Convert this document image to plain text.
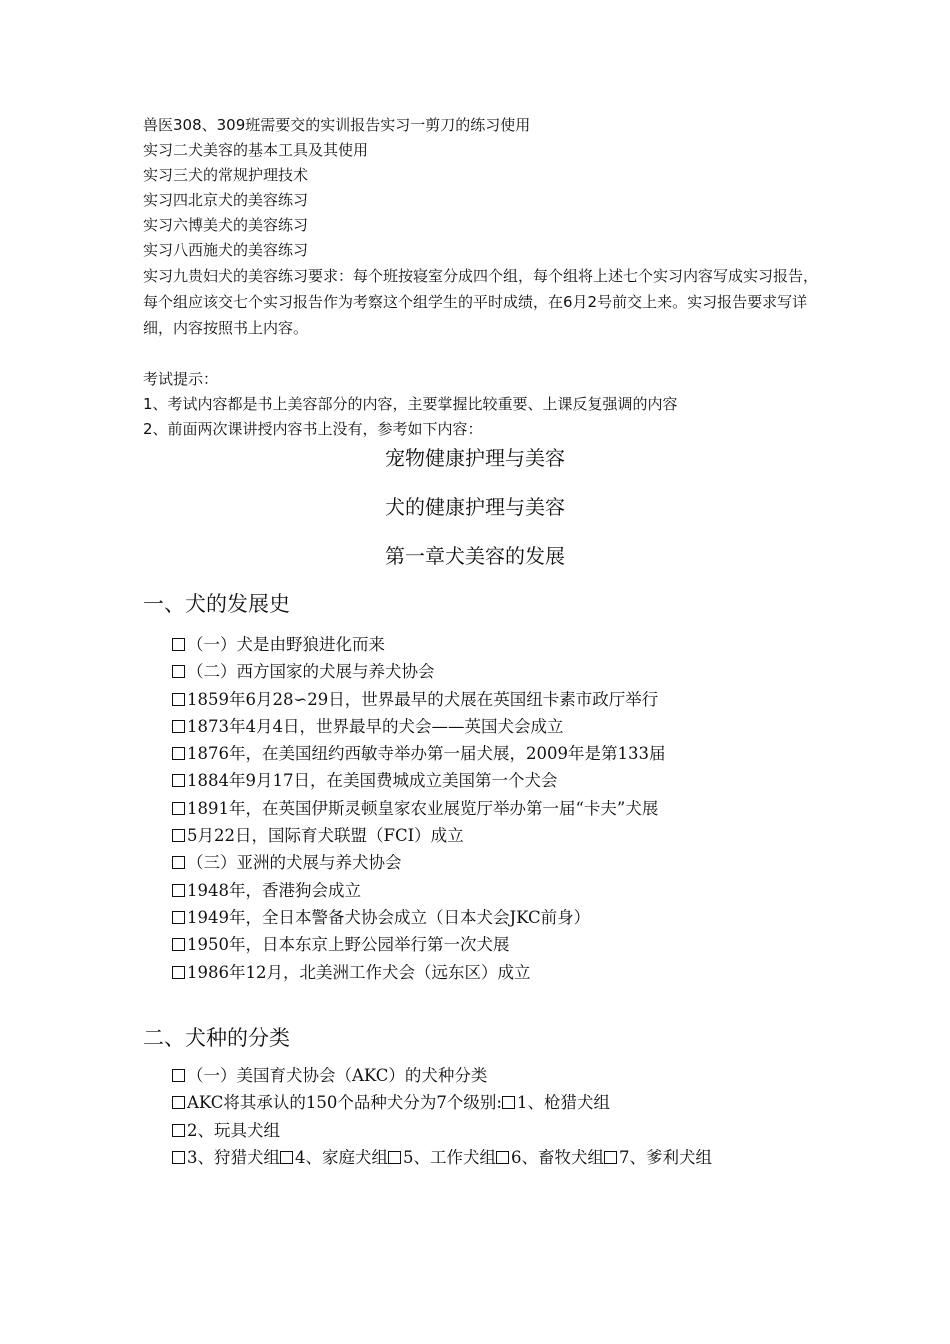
兽医308、309班需要交的实训报告实习一剪刀的练习使用

实习二犬美容的基本工具及其使用

实习三犬的常规护理技术

实习四北京犬的美容练习

实习六博美犬的美容练习

实习八西施犬的美容练习

实习九贵妇犬的美容练习要求：每个班按寝室分成四个组，每个组将上述七个实习内容写成实习报告，每个组应该交七个实习报告作为考察这个组学生的平时成绩，在6月2号前交上来。实习报告要求写详细，内容按照书上内容。

考试提示：

1、考试内容都是书上美容部分的内容，主要掌握比较重要、上课反复强调的内容

2、前面两次课讲授内容书上没有，参考如下内容：

宠物健康护理与美容
犬的健康护理与美容
第一章犬美容的发展
一、犬的发展史
（一）犬是由野狼进化而来
（二）西方国家的犬展与养犬协会
1859年6月28∽29日，世界最早的犬展在英国纽卡素市政厅举行
1873年4月4日，世界最早的犬会——英国犬会成立
1876年，在美国纽约西敏寺举办第一届犬展，2009年是第133届
1884年9月17日，在美国费城成立美国第一个犬会
1891年，在英国伊斯灵顿皇家农业展览厅举办第一届“卡夫”犬展
5月22日，国际育犬联盟（FCI）成立
（三）亚洲的犬展与养犬协会
1948年，香港狗会成立
1949年，全日本警备犬协会成立（日本犬会JKC前身）
1950年，日本东京上野公园举行第一次犬展
1986年12月，北美洲工作犬会（远东区）成立
二、犬种的分类
（一）美国育犬协会（AKC）的犬种分类
AKC将其承认的150个品种犬分为7个级别: 1、枪猎犬组
2、玩具犬组
3、狩猎犬组 4、家庭犬组 5、工作犬组 6、畜牧犬组 7、爹利犬组
